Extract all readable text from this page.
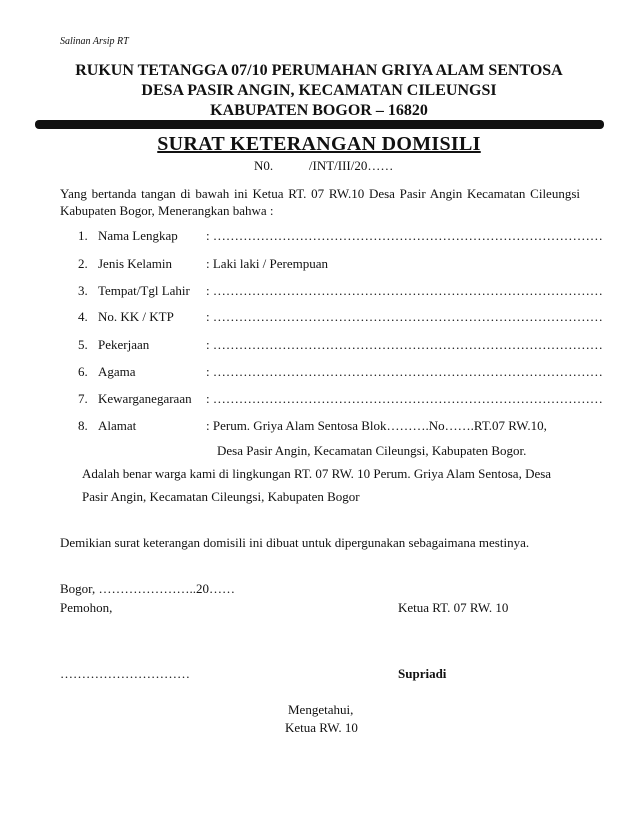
Salinan Arsip RT
RUKUN TETANGGA 07/10 PERUMAHAN GRIYA ALAM SENTOSA
DESA PASIR ANGIN, KECAMATAN CILEUNGSI
KABUPATEN BOGOR – 16820
SURAT KETERANGAN DOMISILI
N0.           /INT/III/20……
Yang bertanda tangan di bawah ini Ketua RT. 07 RW.10 Desa Pasir Angin Kecamatan Cileungsi Kabupaten Bogor, Menerangkan bahwa :
1. Nama Lengkap : ………………………………………………………………………………
2. Jenis Kelamin	: Laki laki / Perempuan
3. Tempat/Tgl Lahir : ………………………………………………………………………………
4. No. KK / KTP : ………………………………………………………………………………
5. Pekerjaan	: ………………………………………………………………………………
6. Agama	: ………………………………………………………………………………
7. Kewarganegaraan : ………………………………………………………………………………
8. Alamat	: Perum. Griya Alam Sentosa Blok……….No…….RT.07 RW.10,
Desa Pasir Angin, Kecamatan Cileungsi, Kabupaten Bogor.
Adalah benar warga kami di lingkungan RT. 07 RW. 10 Perum. Griya Alam Sentosa, Desa
Pasir Angin, Kecamatan Cileungsi, Kabupaten Bogor
Demikian surat keterangan domisili ini dibuat untuk dipergunakan sebagaimana mestinya.
Bogor, …………………..20……
Pemohon,	Ketua RT. 07 RW. 10
…………………………	Supriadi
Mengetahui,
Ketua RW. 10
